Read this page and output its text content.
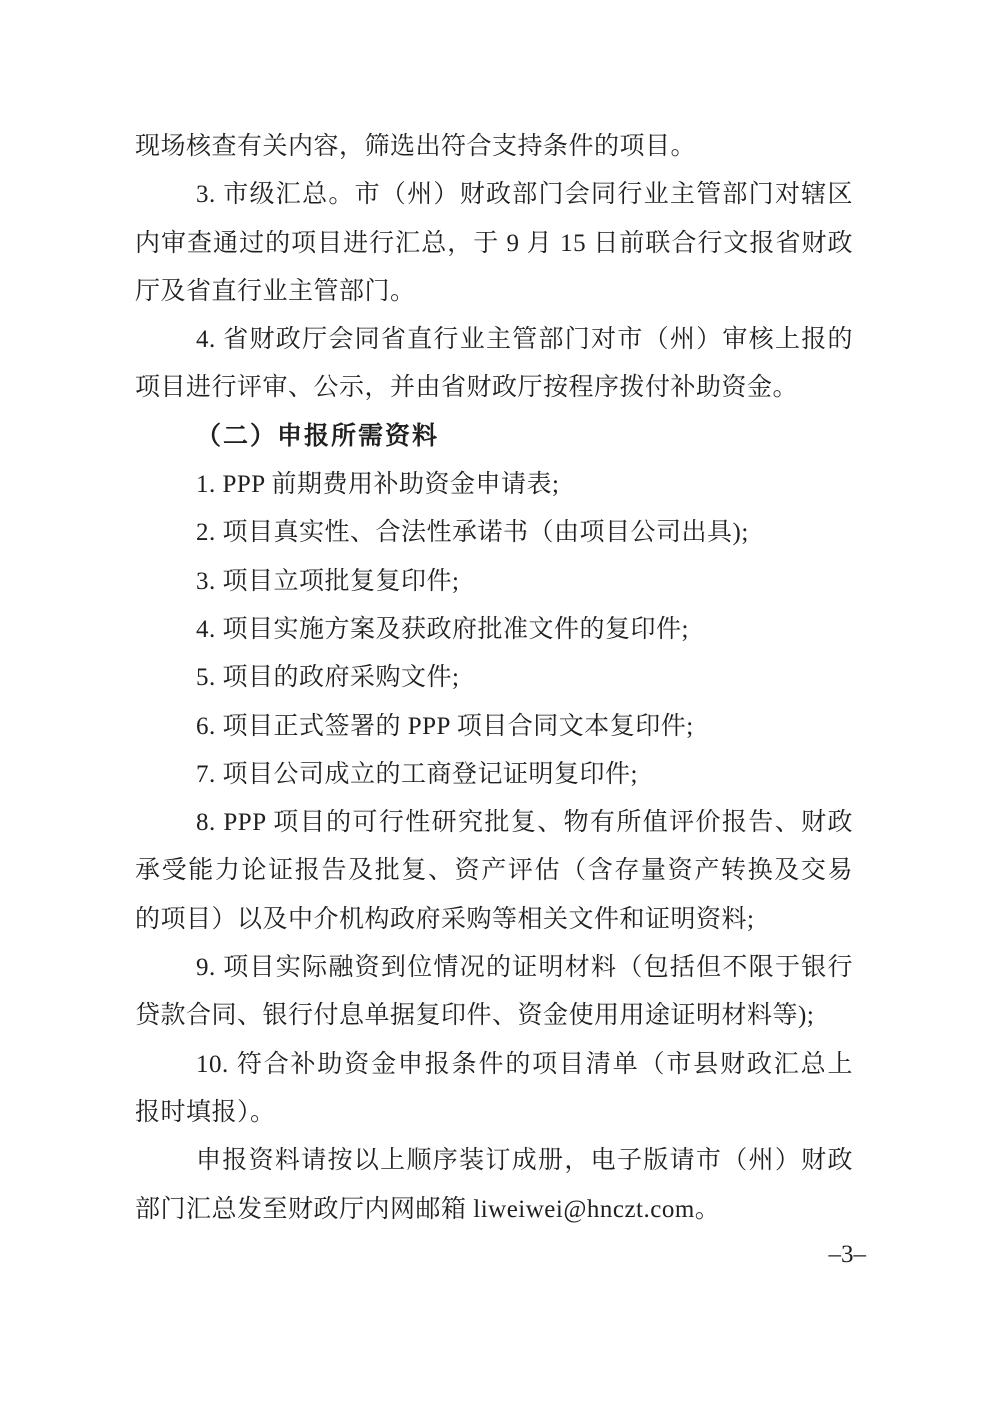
现场核查有关内容，筛选出符合支持条件的项目。
3. 市级汇总。市（州）财政部门会同行业主管部门对辖区
内审查通过的项目进行汇总，于 9 月 15 日前联合行文报省财政
厅及省直行业主管部门。
4. 省财政厅会同省直行业主管部门对市（州）审核上报的
项目进行评审、公示，并由省财政厅按程序拨付补助资金。
（二）申报所需资料
1. PPP 前期费用补助资金申请表;
2. 项目真实性、合法性承诺书（由项目公司出具);
3. 项目立项批复复印件;
4. 项目实施方案及获政府批准文件的复印件;
5. 项目的政府采购文件;
6. 项目正式签署的 PPP 项目合同文本复印件;
7. 项目公司成立的工商登记证明复印件;
8. PPP 项目的可行性研究批复、物有所值评价报告、财政
承受能力论证报告及批复、资产评估（含存量资产转换及交易
的项目）以及中介机构政府采购等相关文件和证明资料;
9. 项目实际融资到位情况的证明材料（包括但不限于银行
贷款合同、银行付息单据复印件、资金使用用途证明材料等);
10. 符合补助资金申报条件的项目清单（市县财政汇总上
报时填报）。
申报资料请按以上顺序装订成册，电子版请市（州）财政
部门汇总发至财政厅内网邮箱 liweiwei@hnczt.com。
–3–
